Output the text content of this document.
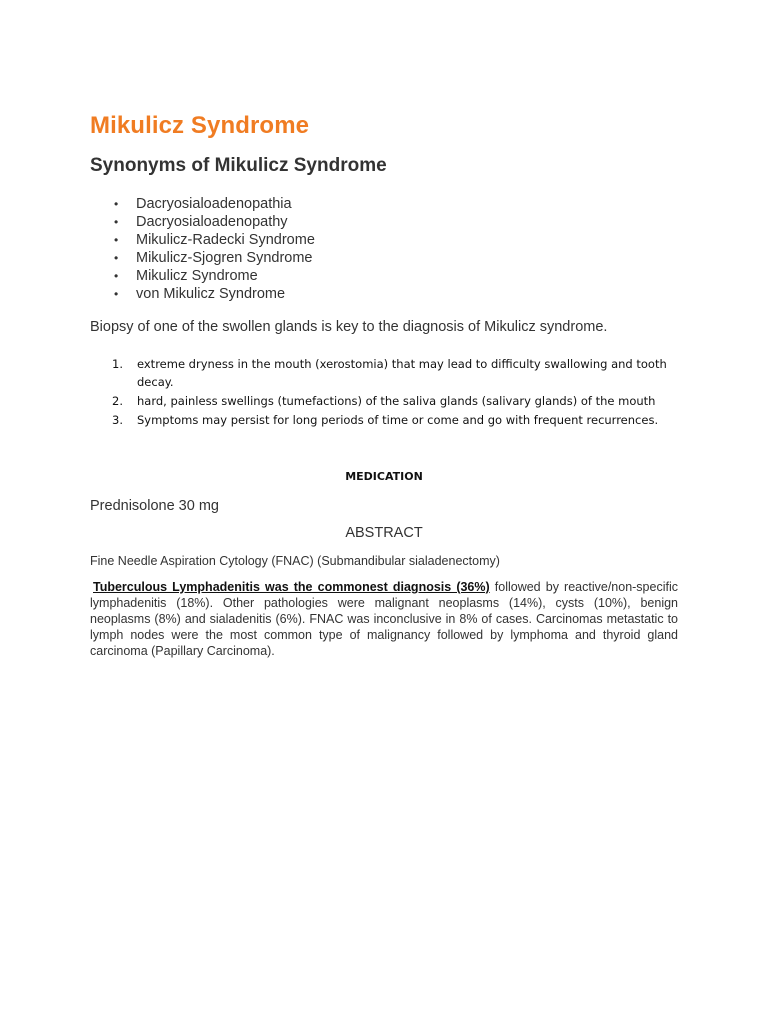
Mikulicz Syndrome
Synonyms of Mikulicz Syndrome
• Dacryosialoadenopathia
• Dacryosialoadenopathy
• Mikulicz-Radecki Syndrome
• Mikulicz-Sjogren Syndrome
• Mikulicz Syndrome
• von Mikulicz Syndrome

Biopsy of one of the swollen glands is key to the diagnosis of Mikulicz syndrome.

1. extreme dryness in the mouth (xerostomia) that may lead to difficulty swallowing and tooth decay.
2. hard, painless swellings (tumefactions) of the saliva glands (salivary glands) of the mouth
3. Symptoms may persist for long periods of time or come and go with frequent recurrences.
MEDICATION

Prednisolone 30 mg

ABSTRACT

Fine Needle Aspiration Cytology (FNAC) (Submandibular sialadenectomy)

Tuberculous Lymphadenitis was the commonest diagnosis (36%) followed by reactive/non-specific lymphadenitis (18%). Other pathologies were malignant neoplasms (14%), cysts (10%), benign neoplasms (8%) and sialadenitis (6%). FNAC was inconclusive in 8% of cases. Carcinomas metastatic to lymph nodes were the most common type of malignancy followed by lymphoma and thyroid gland carcinoma (Papillary Carcinoma).
